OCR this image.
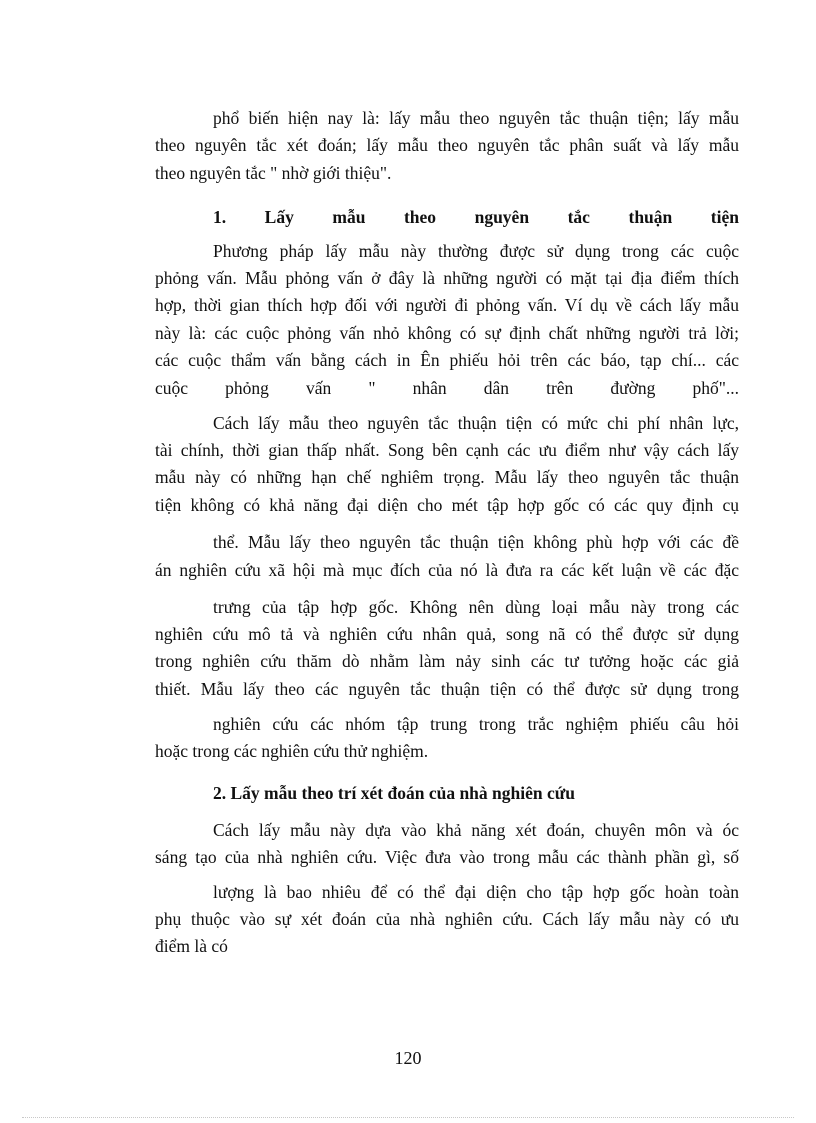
phổ biến hiện nay là: lấy mẫu theo nguyên tắc thuận tiện; lấy mẫu
theo nguyên tắc xét đoán; lấy mẫu theo nguyên tắc phân suất và lấy mẫu
theo nguyên tắc " nhờ giới thiệu".
1. Lấy mẫu theo nguyên tắc thuận tiện
Phương pháp lấy mẫu này thường được sử dụng trong các cuộc
phỏng vấn. Mẫu phỏng vấn ở đây là những người có mặt tại địa điểm thích
hợp, thời gian thích hợp đối với người đi phỏng vấn. Ví dụ về cách lấy mẫu
này là: các cuộc phỏng vấn nhỏ không có sự định chất những người trả lời;
các cuộc thẩm vấn bằng cách in Ên phiếu hỏi trên các báo, tạp chí... các
cuộc phỏng vấn " nhân dân trên đường phố"...
Cách lấy mẫu theo nguyên tắc thuận tiện có mức chi phí nhân lực,
tài chính, thời gian thấp nhất. Song bên cạnh các ưu điểm như vậy cách lấy
mẫu này có những hạn chế nghiêm trọng. Mẫu lấy theo nguyên tắc thuận
tiện không có khả năng đại diện cho mét tập hợp gốc có các quy định cụ
thể. Mẫu lấy theo nguyên tắc thuận tiện không phù hợp với các đề
án nghiên cứu xã hội mà mục đích của nó là đưa ra các kết luận về các đặc
trưng của tập hợp gốc. Không nên dùng loại mẫu này trong các
nghiên cứu mô tả và nghiên cứu nhân quả, song nã có thể được sử dụng
trong nghiên cứu thăm dò nhằm làm nảy sinh các tư tưởng hoặc các giả
thiết. Mẫu lấy theo các nguyên tắc thuận tiện có thể được sử dụng trong
nghiên cứu các nhóm tập trung trong trắc nghiệm phiếu câu hỏi
hoặc trong các nghiên cứu thử nghiệm.
2. Lấy mẫu theo trí xét đoán của nhà nghiên cứu
Cách lấy mẫu này dựa vào khả năng xét đoán, chuyên môn và óc
sáng tạo của nhà nghiên cứu. Việc đưa vào trong mẫu các thành phần gì, số
lượng là bao nhiêu để có thể đại diện cho tập hợp gốc hoàn toàn
phụ thuộc vào sự xét đoán của nhà nghiên cứu. Cách lấy mẫu này có ưu
điểm là có
120
